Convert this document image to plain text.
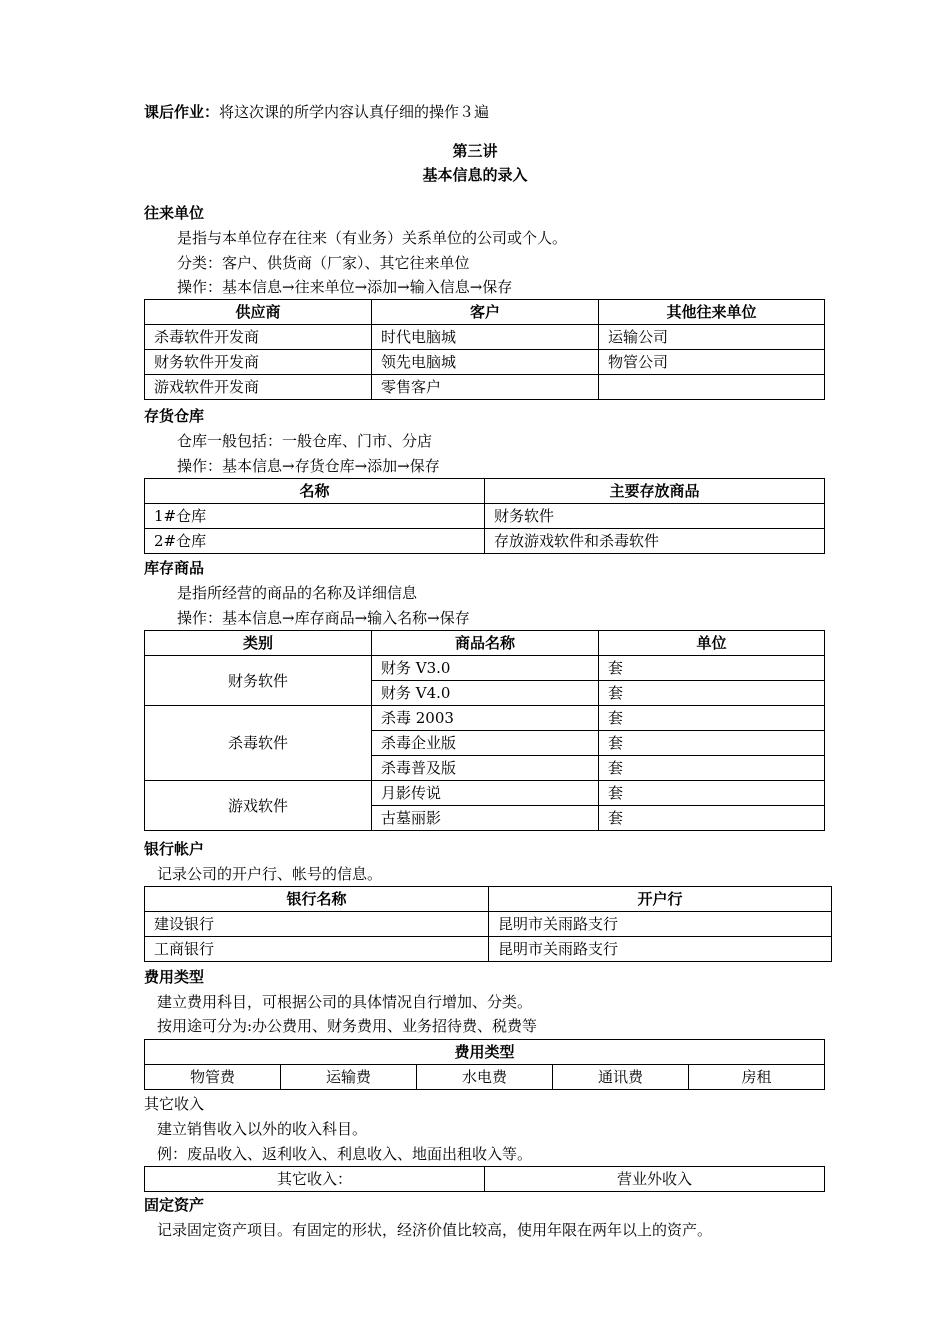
课后作业：将这次课的所学内容认真仔细的操作３遍
第三讲
基本信息的录入
往来单位
是指与本单位存在往来（有业务）关系单位的公司或个人。
分类：客户、供货商（厂家）、其它往来单位
操作：基本信息→往来单位→添加→输入信息→保存
供应商	客户	其他往来单位
杀毒软件开发商	时代电脑城	运输公司
财务软件开发商	领先电脑城	物管公司
游戏软件开发商	零售客户	
存货仓库
仓库一般包括：一般仓库、门市、分店
操作：基本信息→存货仓库→添加→保存
名称	主要存放商品
1#仓库	财务软件
2#仓库	存放游戏软件和杀毒软件
库存商品
是指所经营的商品的名称及详细信息
操作：基本信息→库存商品→输入名称→保存
类别	商品名称	单位
财务软件	财务 V3.0	套
	财务 V4.0	套
杀毒软件	杀毒 2003	套
	杀毒企业版	套
	杀毒普及版	套
游戏软件	月影传说	套
	古墓丽影	套
银行帐户
记录公司的开户行、帐号的信息。
银行名称	开户行
建设银行	昆明市关雨路支行
工商银行	昆明市关雨路支行
费用类型
建立费用科目，可根据公司的具体情况自行增加、分类。
按用途可分为:办公费用、财务费用、业务招待费、税费等
费用类型
物管费	运输费	水电费	通讯费	房租
其它收入
建立销售收入以外的收入科目。
例：废品收入、返利收入、利息收入、地面出租收入等。
其它收入：	营业外收入
固定资产
记录固定资产项目。有固定的形状，经济价值比较高，使用年限在两年以上的资产。
